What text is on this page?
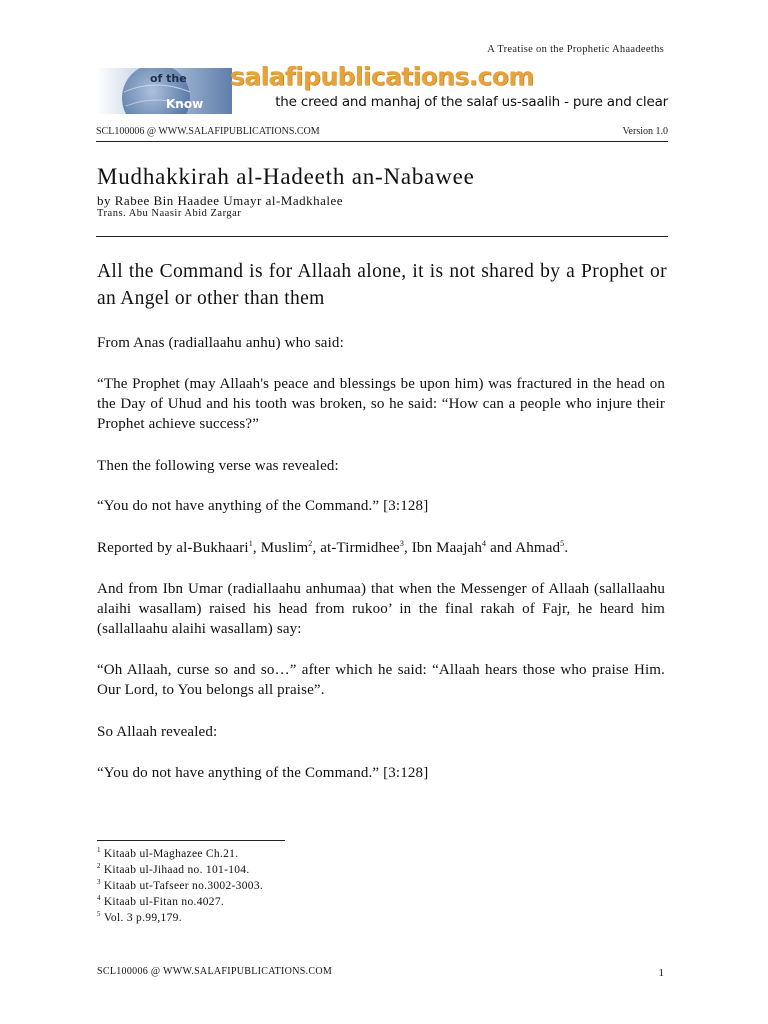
A Treatise on the Prophetic Ahaadeeths
of the
Know
salafipublications.com
the creed and manhaj of the salaf us-saalih - pure and clear
SCL100006 @ WWW.SALAFIPUBLICATIONS.COM	Version 1.0
Mudhakkirah al-Hadeeth an-Nabawee
by Rabee Bin Haadee Umayr al-Madkhalee
Trans. Abu Naasir Abid Zargar
All the Command is for Allaah alone, it is not shared by a Prophet or an Angel or other than them

From Anas (radiallaahu anhu) who said:

“The Prophet (may Allaah's peace and blessings be upon him) was fractured in the head on the Day of Uhud and his tooth was broken, so he said: “How can a people who injure their Prophet achieve success?”

Then the following verse was revealed:

“You do not have anything of the Command.” [3:128]

Reported by al-Bukhaari$^1$, Muslim$^2$, at-Tirmidhee$^3$, Ibn Maajah$^4$ and Ahmad$^5$.

And from Ibn Umar (radiallaahu anhumaa) that when the Messenger of Allaah (sallallaahu alaihi wasallam) raised his head from rukoo’ in the final rakah of Fajr, he heard him (sallallaahu alaihi wasallam) say:

“Oh Allaah, curse so and so…” after which he said: “Allaah hears those who praise Him. Our Lord, to You belongs all praise”.

So Allaah revealed:

“You do not have anything of the Command.” [3:128]

$^1$ Kitaab ul-Maghazee Ch.21.
$^2$ Kitaab ul-Jihaad no. 101-104.
$^3$ Kitaab ut-Tafseer no.3002-3003.
$^4$ Kitaab ul-Fitan no.4027.
$^5$ Vol. 3 p.99,179.
SCL100006 @ WWW.SALAFIPUBLICATIONS.COM	1
